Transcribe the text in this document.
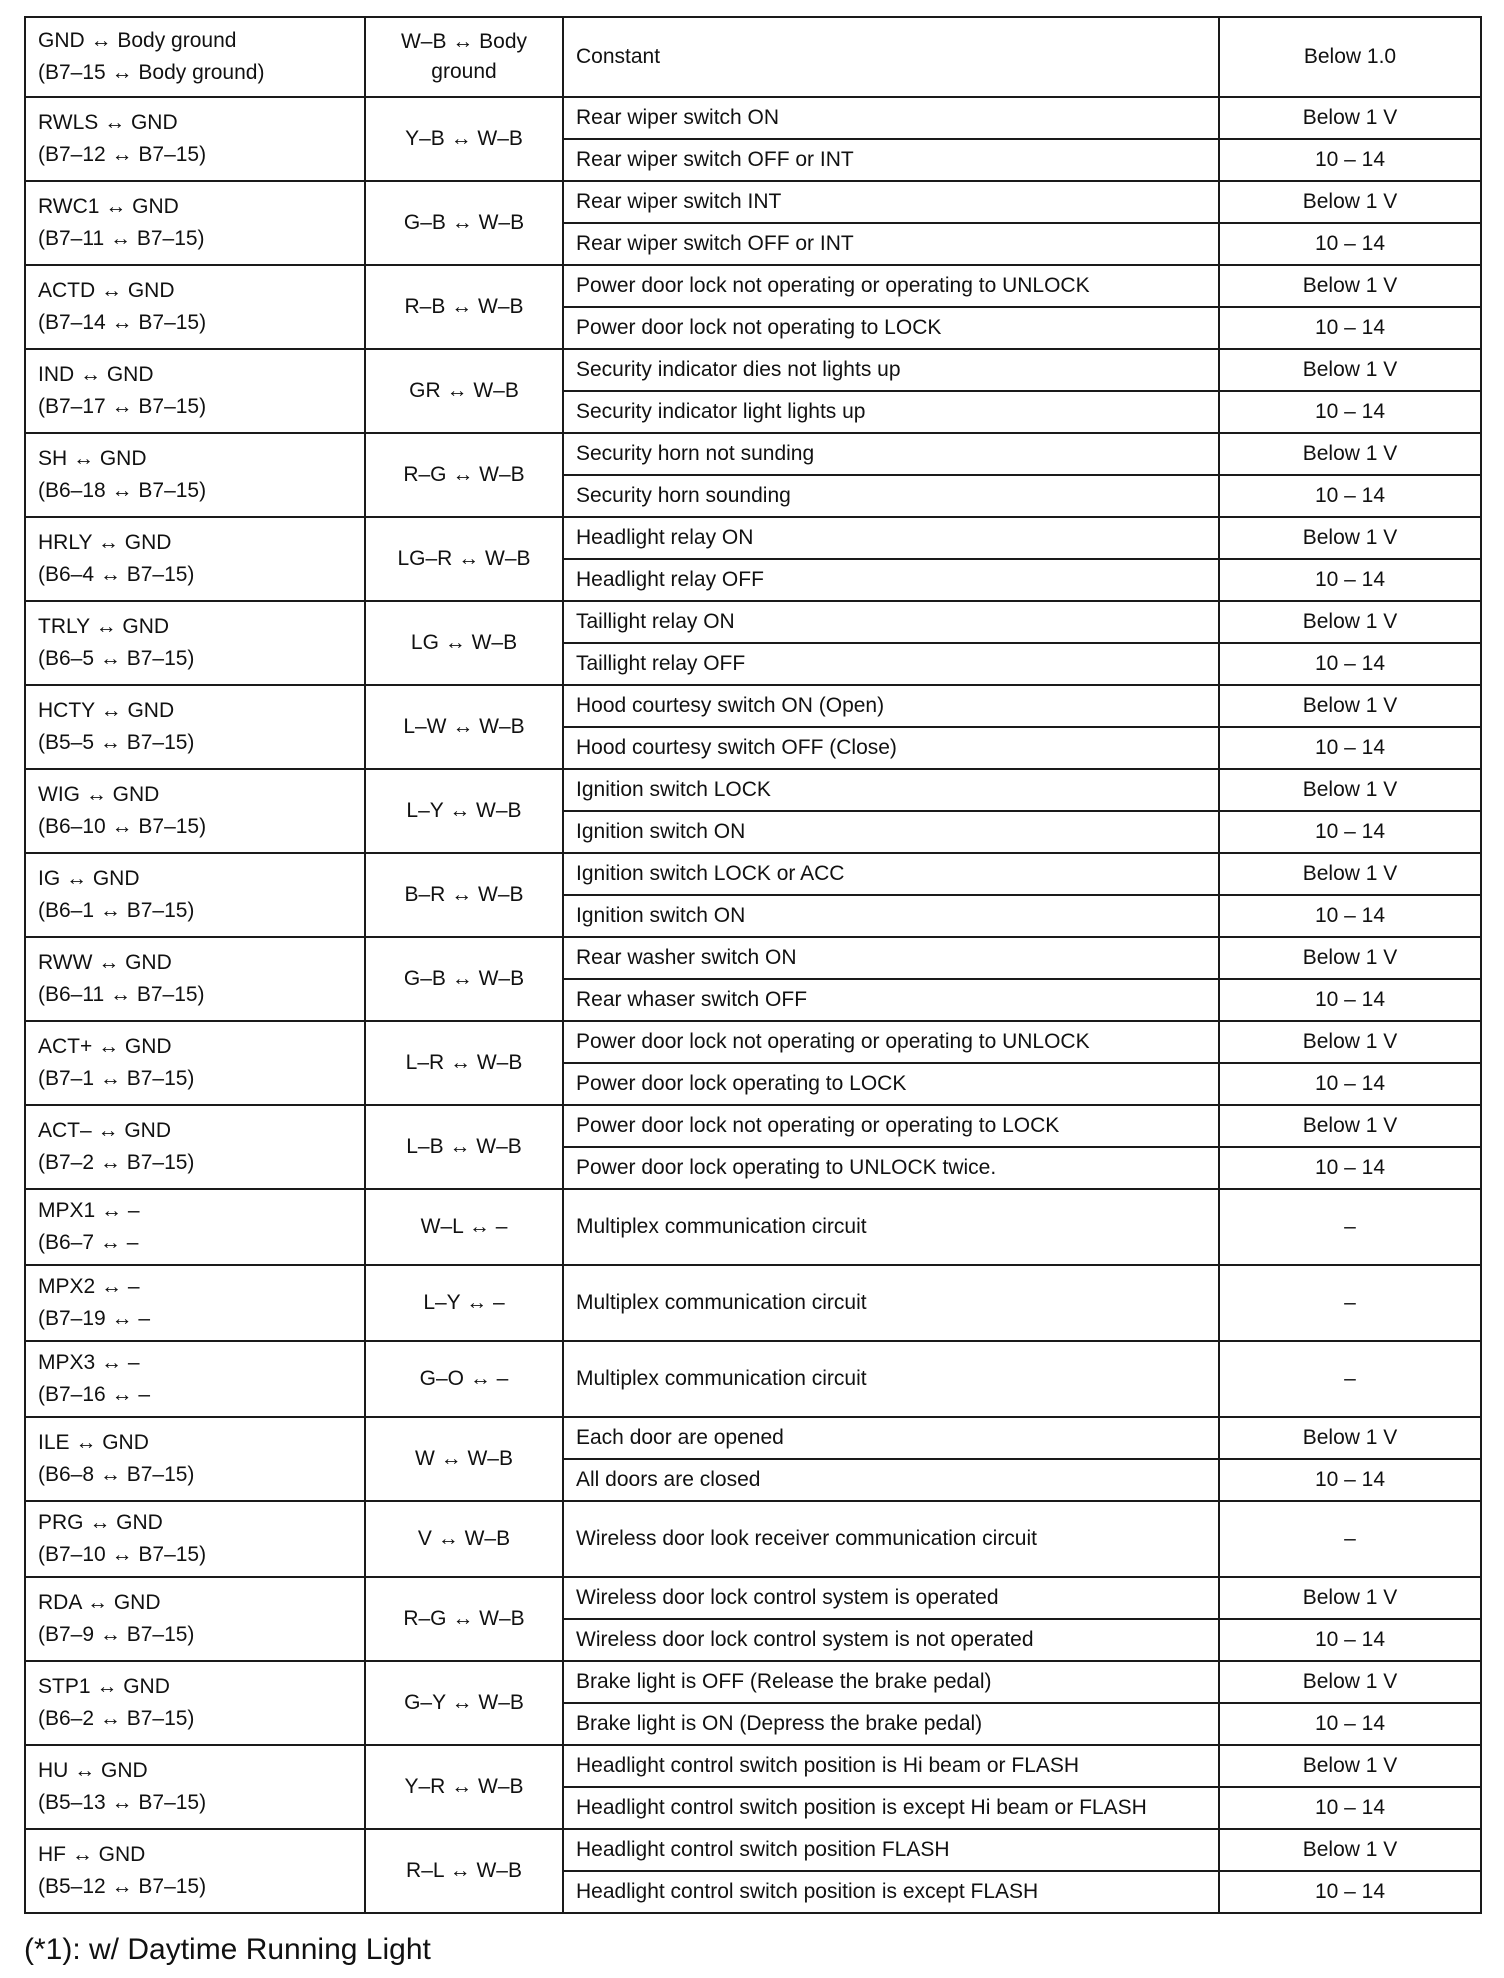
GND ↔ Body ground
(B7–15 ↔ Body ground)	W–B ↔ Body ground	Constant	Below 1.0

RWLS ↔ GND
(B7–12 ↔ B7–15)	Y–B ↔ W–B	Rear wiper switch ON	Below 1 V
		Rear wiper switch OFF or INT	10 – 14

RWC1 ↔ GND
(B7–11 ↔ B7–15)	G–B ↔ W–B	Rear wiper switch INT	Below 1 V
		Rear wiper switch OFF or INT	10 – 14

ACTD ↔ GND
(B7–14 ↔ B7–15)	R–B ↔ W–B	Power door lock not operating or operating to UNLOCK	Below 1 V
		Power door lock not operating to LOCK	10 – 14

IND ↔ GND
(B7–17 ↔ B7–15)	GR ↔ W–B	Security indicator dies not lights up	Below 1 V
		Security indicator light lights up	10 – 14

SH ↔ GND
(B6–18 ↔ B7–15)	R–G ↔ W–B	Security horn not sunding	Below 1 V
		Security horn sounding	10 – 14

HRLY ↔ GND
(B6–4 ↔ B7–15)	LG–R ↔ W–B	Headlight relay ON	Below 1 V
		Headlight relay OFF	10 – 14

TRLY ↔ GND
(B6–5 ↔ B7–15)	LG ↔ W–B	Taillight relay ON	Below 1 V
		Taillight relay OFF	10 – 14

HCTY ↔ GND
(B5–5 ↔ B7–15)	L–W ↔ W–B	Hood courtesy switch ON (Open)	Below 1 V
		Hood courtesy switch OFF (Close)	10 – 14

WIG ↔ GND
(B6–10 ↔ B7–15)	L–Y ↔ W–B	Ignition switch LOCK	Below 1 V
		Ignition switch ON	10 – 14

IG ↔ GND
(B6–1 ↔ B7–15)	B–R ↔ W–B	Ignition switch LOCK or ACC	Below 1 V
		Ignition switch ON	10 – 14

RWW ↔ GND
(B6–11 ↔ B7–15)	G–B ↔ W–B	Rear washer switch ON	Below 1 V
		Rear whaser switch OFF	10 – 14

ACT+ ↔ GND
(B7–1 ↔ B7–15)	L–R ↔ W–B	Power door lock not operating or operating to UNLOCK	Below 1 V
		Power door lock operating to LOCK	10 – 14

ACT– ↔ GND
(B7–2 ↔ B7–15)	L–B ↔ W–B	Power door lock not operating or operating to LOCK	Below 1 V
		Power door lock operating to UNLOCK twice.	10 – 14

MPX1 ↔ –
(B6–7 ↔ –	W–L ↔ –	Multiplex communication circuit	–

MPX2 ↔ –
(B7–19 ↔ –	L–Y ↔ –	Multiplex communication circuit	–

MPX3 ↔ –
(B7–16 ↔ –	G–O ↔ –	Multiplex communication circuit	–

ILE ↔ GND
(B6–8 ↔ B7–15)	W ↔ W–B	Each door are opened	Below 1 V
		All doors are closed	10 – 14

PRG ↔ GND
(B7–10 ↔ B7–15)	V ↔ W–B	Wireless door look receiver communication circuit	–

RDA ↔ GND
(B7–9 ↔ B7–15)	R–G ↔ W–B	Wireless door lock control system is operated	Below 1 V
		Wireless door lock control system is not operated	10 – 14

STP1 ↔ GND
(B6–2 ↔ B7–15)	G–Y ↔ W–B	Brake light is OFF (Release the brake pedal)	Below 1 V
		Brake light is ON (Depress the brake pedal)	10 – 14

HU ↔ GND
(B5–13 ↔ B7–15)	Y–R ↔ W–B	Headlight control switch position is Hi beam or FLASH	Below 1 V
		Headlight control switch position is except Hi beam or FLASH	10 – 14

HF ↔ GND
(B5–12 ↔ B7–15)	R–L ↔ W–B	Headlight control switch position FLASH	Below 1 V
		Headlight control switch position is except FLASH	10 – 14
(*1): w/ Daytime Running Light
